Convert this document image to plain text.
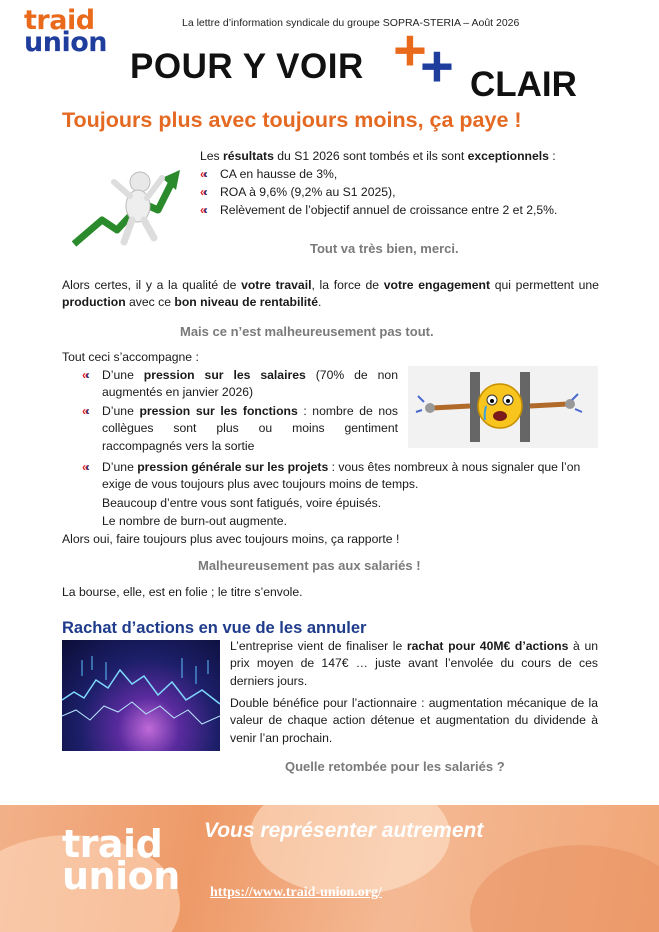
traid
union
La lettre d’information syndicale du groupe SOPRA-STERIA – Août 2026
POUR Y VOIR +
+ CLAIR
Toujours plus avec toujours moins, ça paye !
Les résultats du S1 2026 sont tombés et ils sont exceptionnels :
«‹	CA en hausse de 3%,
«‹	ROA à 9,6% (9,2% au S1 2025),
«‹	Relèvement de l’objectif annuel de croissance entre 2 et 2,5%.
Tout va très bien, merci.
Alors certes, il y a la qualité de votre travail, la force de votre engagement qui permettent une production avec ce bon niveau de rentabilité.
Mais ce n’est malheureusement pas tout.
Tout ceci s’accompagne :
«‹	D’une pression sur les salaires (70% de non augmentés en janvier 2026)
«‹	D’une pression sur les fonctions : nombre de nos collègues sont plus ou moins gentiment raccompagnés vers la sortie
«‹	D’une pression générale sur les projets : vous êtes nombreux à nous signaler que l’on exige de vous toujours plus avec toujours moins de temps.
Beaucoup d’entre vous sont fatigués, voire épuisés.
Le nombre de burn-out augmente.
Alors oui, faire toujours plus avec toujours moins, ça rapporte !
Malheureusement pas aux salariés !
La bourse, elle, est en folie ; le titre s’envole.
Rachat d’actions en vue de les annuler
L’entreprise vient de finaliser le rachat pour 40M€ d’actions à un prix moyen de 147€ … juste avant l’envolée du cours de ces derniers jours.
Double bénéfice pour l’actionnaire : augmentation mécanique de la valeur de chaque action détenue et augmentation du dividende à venir l’an prochain.
Quelle retombée pour les salariés ?
traid
union
Vous représenter autrement
https://www.traid-union.org/
